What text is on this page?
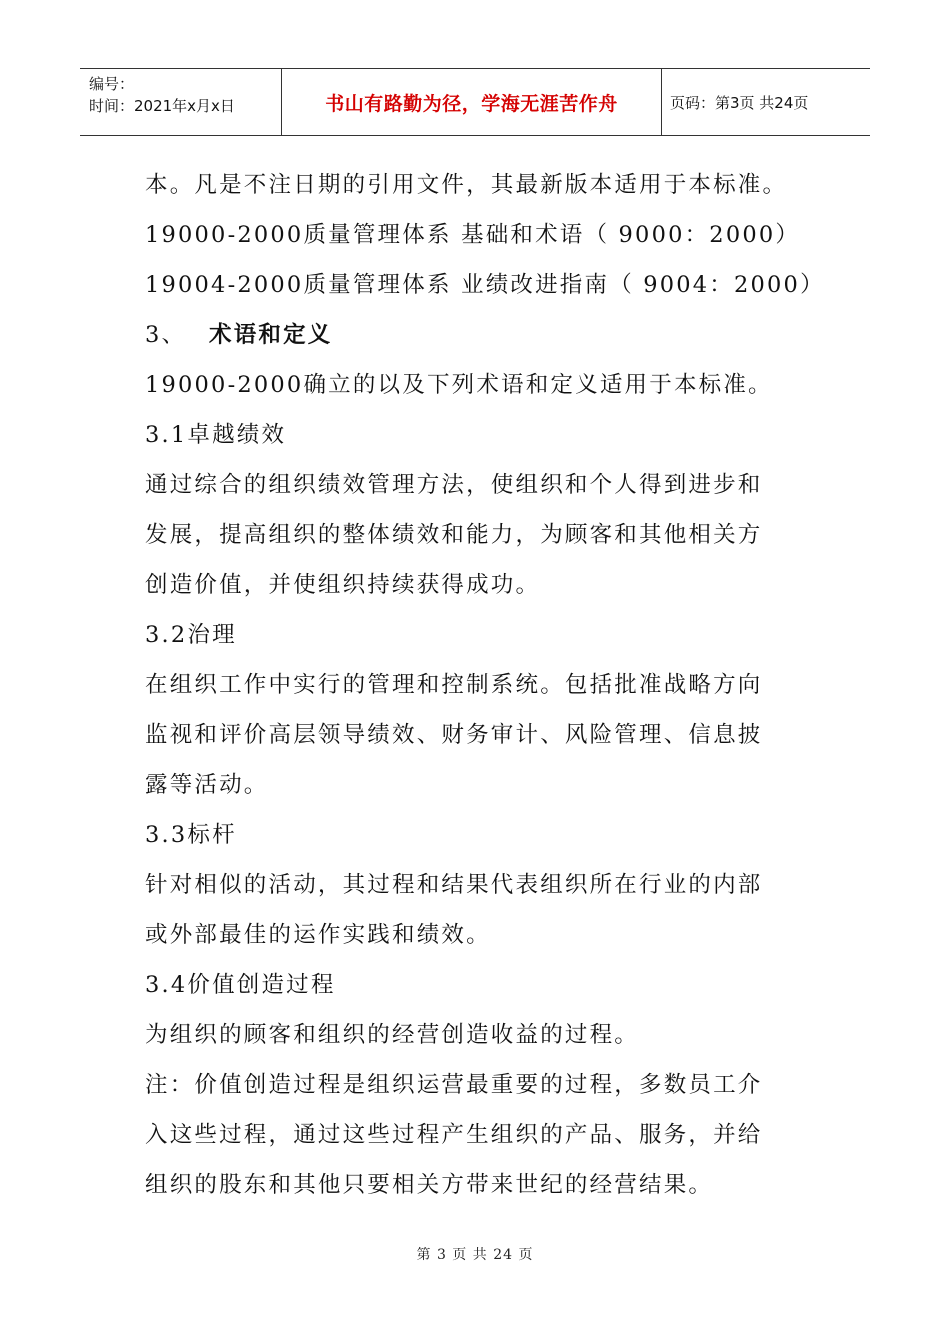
编号：
时间：2021年x月x日	书山有路勤为径，学海无涯苦作舟	页码：第3页 共24页
本。凡是不注日期的引用文件，其最新版本适用于本标准。
19000-2000质量管理体系 基础和术语（ 9000：2000）
19004-2000质量管理体系 业绩改进指南（ 9004：2000）
3、 术语和定义
19000-2000确立的以及下列术语和定义适用于本标准。
3.1卓越绩效
通过综合的组织绩效管理方法，使组织和个人得到进步和
发展，提高组织的整体绩效和能力，为顾客和其他相关方
创造价值，并使组织持续获得成功。
3.2治理
在组织工作中实行的管理和控制系统。包括批准战略方向
监视和评价高层领导绩效、财务审计、风险管理、信息披
露等活动。
3.3标杆
针对相似的活动，其过程和结果代表组织所在行业的内部
或外部最佳的运作实践和绩效。
3.4价值创造过程
为组织的顾客和组织的经营创造收益的过程。
注：价值创造过程是组织运营最重要的过程，多数员工介
入这些过程，通过这些过程产生组织的产品、服务，并给
组织的股东和其他只要相关方带来世纪的经营结果。
第 3 页 共 24 页
